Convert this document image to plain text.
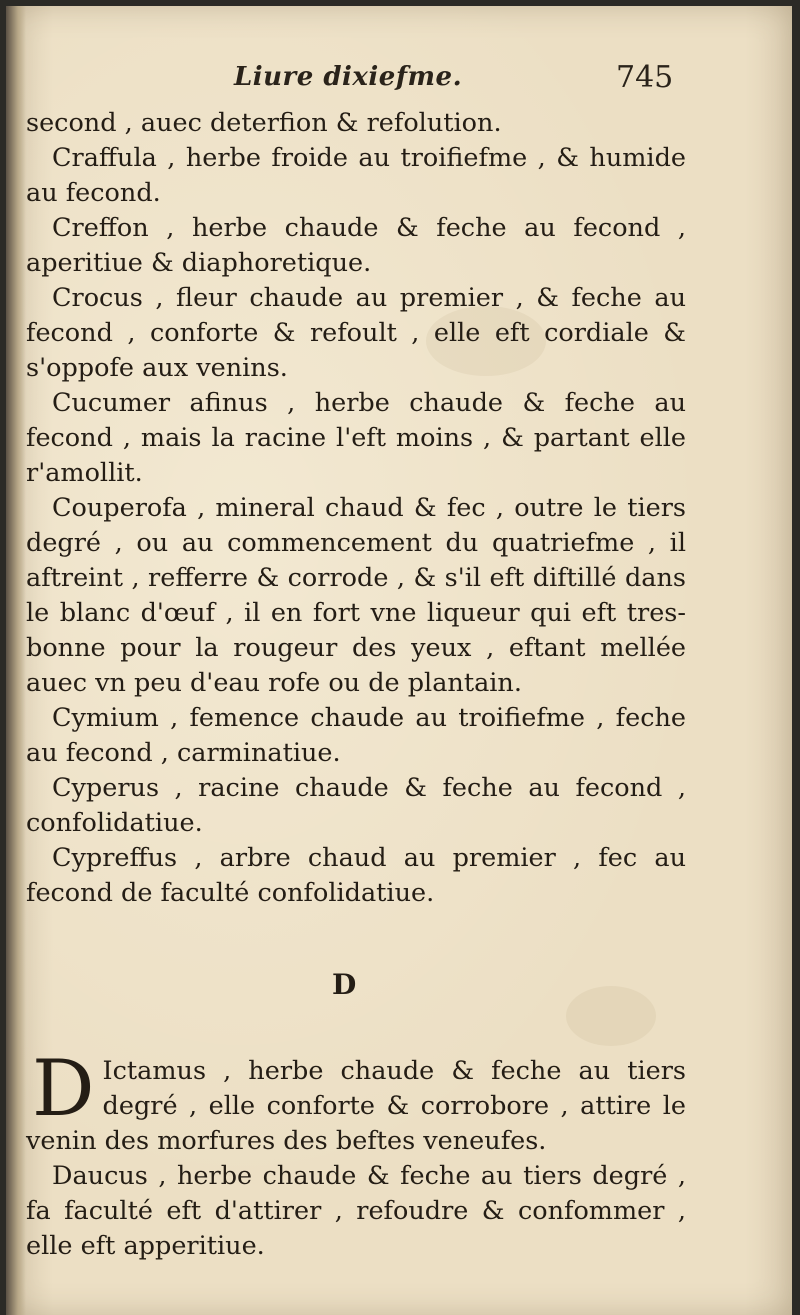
Liure dixiefme.	745

second , auec deterfion & refolution.

Craffula , herbe froide au troifiefme , & humide au fecond.

Creffon , herbe chaude & feche au fecond , aperitiue & diaphoretique.

Crocus , fleur chaude au premier , & feche au fecond , conforte & refoult , elle eft cordiale & s'oppofe aux venins.

Cucumer afinus , herbe chaude & feche au fecond , mais la racine l'eft moins , & partant elle r'amollit.

Couperofa , mineral chaud & fec , outre le tiers degré , ou au commencement du quatriefme , il aftreint , refferre & corrode , & s'il eft diftillé dans le blanc d'œuf , il en fort vne liqueur qui eft tres-bonne pour la rougeur des yeux , eftant mellée auec vn peu d'eau rofe ou de plantain.

Cymium , femence chaude au troifiefme , feche au fecond , carminatiue.

Cyperus , racine chaude & feche au fecond , confolidatiue.

Cypreffus , arbre chaud au premier , fec au fecond de faculté confolidatiue.

D

D Ictamus , herbe chaude & feche au tiers degré , elle conforte & corrobore , attire le venin des morfures des beftes veneufes.

Daucus , herbe chaude & feche au tiers degré , fa faculté eft d'attirer , refoudre & confommer , elle eft apperitiue.
